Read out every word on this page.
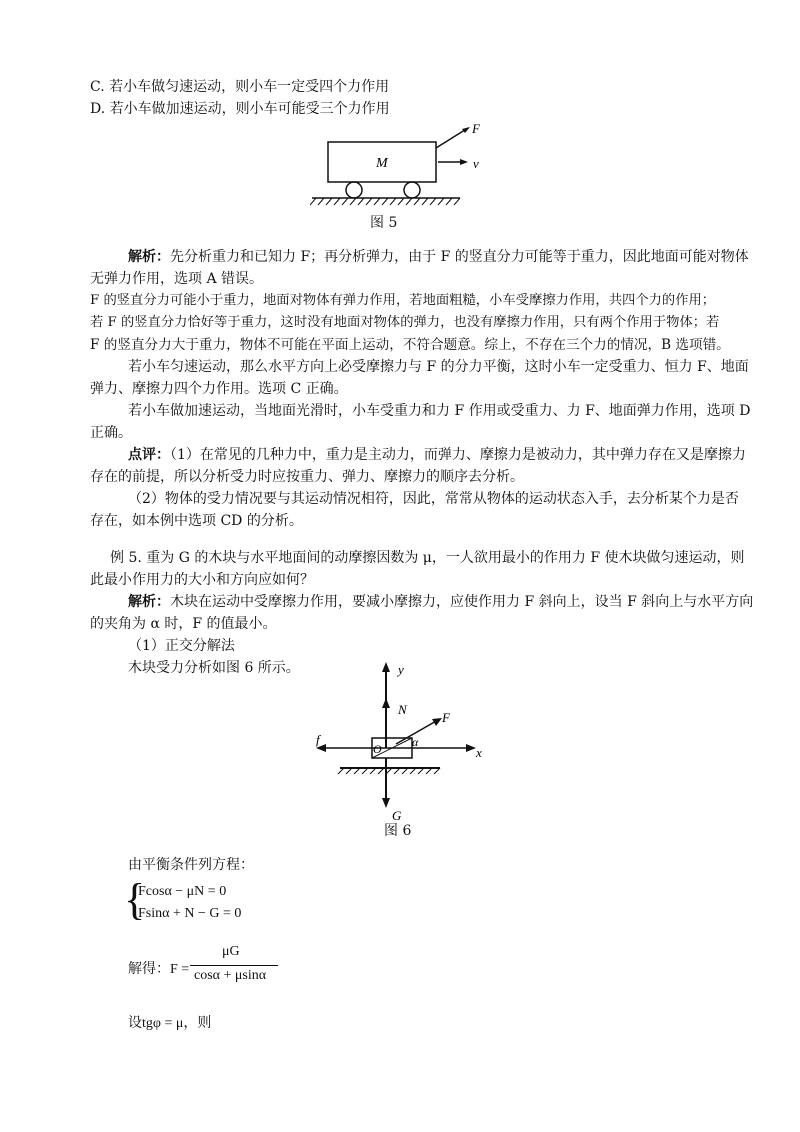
C. 若小车做匀速运动，则小车一定受四个力作用
D. 若小车做加速运动，则小车可能受三个力作用
M
F
v
图 5
解析：先分析重力和已知力 F；再分析弹力，由于 F 的竖直分力可能等于重力，因此地面可能对物体
无弹力作用，选项 A 错误。
F 的竖直分力可能小于重力，地面对物体有弹力作用，若地面粗糙，小车受摩擦力作用，共四个力的作用；
若 F 的竖直分力恰好等于重力，这时没有地面对物体的弹力，也没有摩擦力作用，只有两个作用于物体；若
F 的竖直分力大于重力，物体不可能在平面上运动，不符合题意。综上，不存在三个力的情况，B 选项错。
若小车匀速运动，那么水平方向上必受摩擦力与 F 的分力平衡，这时小车一定受重力、恒力 F、地面
弹力、摩擦力四个力作用。选项 C 正确。
若小车做加速运动，当地面光滑时，小车受重力和力 F 作用或受重力、力 F、地面弹力作用，选项 D
正确。
点评：（1）在常见的几种力中，重力是主动力，而弹力、摩擦力是被动力，其中弹力存在又是摩擦力
存在的前提，所以分析受力时应按重力、弹力、摩擦力的顺序去分析。
（2）物体的受力情况要与其运动情况相符，因此，常常从物体的运动状态入手，去分析某个力是否
存在，如本例中选项 CD 的分析。
例 5. 重为 G 的木块与水平地面间的动摩擦因数为 μ，一人欲用最小的作用力 F 使木块做匀速运动，则
此最小作用力的大小和方向应如何？
解析：木块在运动中受摩擦力作用，要减小摩擦力，应使作用力 F 斜向上，设当 F 斜向上与水平方向
的夹角为 α 时，F 的值最小。
（1）正交分解法
木块受力分析如图 6 所示。	y
N
F
f
O	α
x
G
图 6
由平衡条件列方程：
{
Fcosα − μN = 0
Fsinα + N − G = 0
解得：F =
μG
cosα + μsinα
设tgφ = μ，则
